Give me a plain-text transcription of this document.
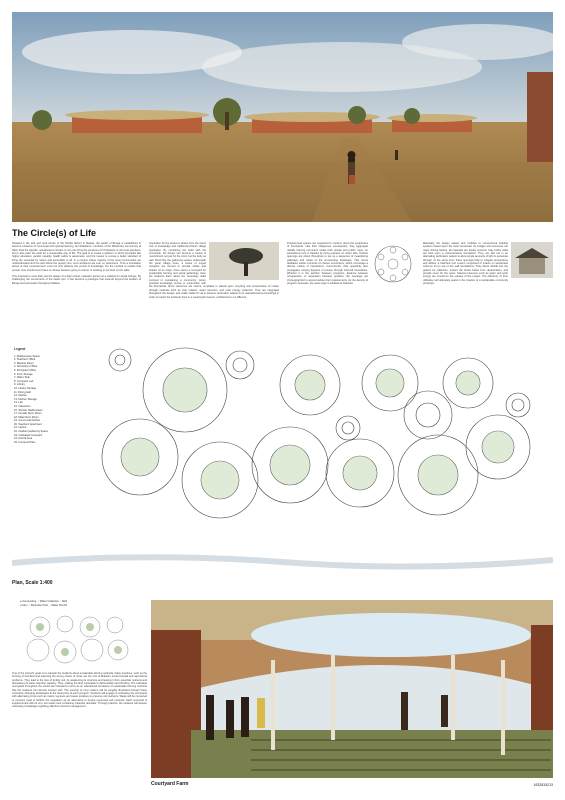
The Circle(s) of Life

Situated in the arid and rural terrain of the Ntchisi district in Malawi, the parish of Benga is established to become a beacon of communal and spiritual learning. Its inhabitants, members of the Missionary Community of Saint Paul the Apostle, spearhead a mission to not only bring the presence of Christianity to the local populace, but to also plant the seed for a sustainable way of life. The goal is to create a platform in which principles like higher education, gender equality, health safety & awareness, and the means to pursue a better standard of living are universal by nature and accessible to all. In a context where majority of the local communities are undereducated and live well below the poverty line, such ambitions are ever so paramount. Thus a foundation aimed at their empowerment must not only address the pursuit of knowledge, but the method to sustain that pursuit. One should never have to choose between going to school, or working to put food on the table.

This proposal is more than just the design of a high school, instead it serves as a catalyst for social change. By challenging the conventions of the status quo, it can become a prototype that extends beyond the borders of Benga and permeates throughout Malawi.

Inspiration for the project is drawn from the iconic tree of knowledge and traditional African village typologies. By combining the build with the vernacular, the design can become a means of nourishment not just for the mind, but the body as well. Much like the gathering spaces underneath the great village trees, a series of ringed canopies are formed to provide shade and shelter. At its origin, there stems a courtyard for sustainable farming and social gatherings. Here the students learn about the necessary skills involved in maintaining a community, where practical knowledge serves in conjunction with the theoretical. Since resources are scarce, emphasis is placed upon recycling and conservation of matter through methods such as crop rotation, water retention, and solar energy collection. They are integrated throughout the design, and made visible for all to observe. Education adapts to its natural/social surroundings in order to impart the students' lives in a meaningful manner; architecture is no different.

Programmed spaces are organized to conform along the peripheries of courtyards. Like their indigenous counterparts, they aggregate radially framing prominent nodes both private and public. Here, an educational core is flanked by living quarters on either side. Precise openings are sliced throughout to set up a sequence of meandering pathways and vistas of the surrounding landscape. This nexus facilitates subtle moments of chance encounters, which encourage a diverse variety of interactions. Concurrently, their specificity also propagates varying degrees of privacy through informal boundaries. Whether it is the partition between programs, distance between occupancies, or separation between genders, the openings are choreographed to accommodate their requirements. As the density of program increases, the same logic is initiated as followed.

Materially, the design adapts and modifies to conventional building systems based upon the local vernacular. As budget and resources are major driving factors, all materials are locally sourced. Clay bricks walls are built upon a concrete/stone foundation. They are laid out in an alternating perforation pattern to allow ample amounts of light to penetrate through. At the same time, these openings help to mitigate temperature and airflow. A thatched roof system comprised of straws on wood/steel columns sit on top of the wall foundations. They direct rainfall into the gutters for collection; protect the bricks below from deterioration, and provide cover for the users. Natural resources such as water and solar energy are crucial for the upkeep of the project. The efficiency of their utilization will ultimately assist in the creation of a sustainable community prototype.

Legend
1. Multipurpose Space
2. Teachers' Office
3. Meeting Room
4. Secretary's Office
5. Principal's Office
6. Form Storage
7. Water Tank
8. Computer Lab
9. Library
10. Library Storage
11. Dining Hall
12. Kitchen
13. Kitchen Storage
14. Lab
15. Classroom
16. Shower Stall/Lockers
17. Female Dorm Room
18. Male Dorm Room
19. Communal Kitchen
20. Teachers' Apartment
21. Latrine
22. Outdoor Gathering Space
23. Cultivated Courtyard
24. Animal Area
25. Compost Plant
Plan, Scale 1:400
● Composting  ○ Water Collection  ◦ Well
▪ Farm  ▫ Retention Pool  ~ Water Runoff
One of the school's goals is to educate the students about sustainable farming methods. False practices, such as the burning of farmland and selecting the wrong choice of crops are the root of Malawi's environmental and agricultural problems. They lead to the loss of fertility soil, by weakening its structure and leaving it from essential nutrients and decreasing its water retention capacity. Thus, making the land vulnerable to deforestation and flooding. The cultivated courtyards throughout the school are intended to serve as an educational simulation of sustainable farming methods that the students can directly interact with. The concept of crop rotation will be tangibly illustrated through these constantly changing landscapes at the focal point of each program. Students will engage in cultivating the courtyards with alternating crops such as maize, legumes and sweet potatoes to preserve soil nutrients. Waste will be converted to compost used to fertilize the vegetation as an alternative to buying expensive soil nutrients. Each courtyard is supplemented with its very own water tank containing collected rainwater. Through practice, the students will acquire necessary knowledge regarding effective resource management.
Courtyard Farm	1632815213
